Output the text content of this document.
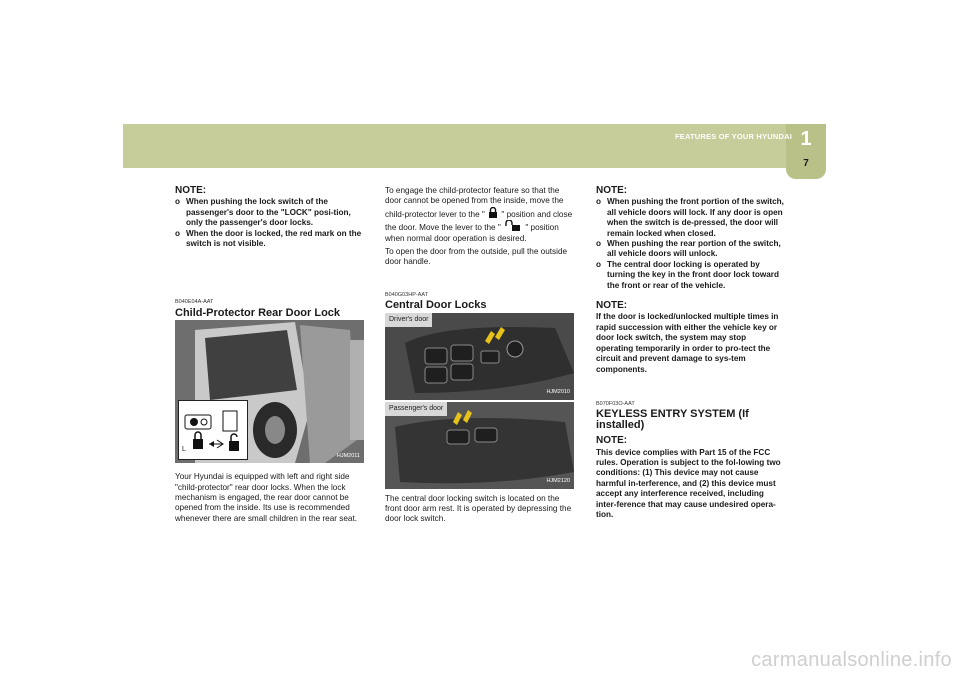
FEATURES OF YOUR HYUNDAI 1
7

NOTE:

o When pushing the lock switch of the passenger's door to the "LOCK" posi-tion, only the passenger's door locks.
o When the door is locked, the red mark on the switch is not visible.

B040E04A-AAT

Child-Protector Rear Door Lock

L
HJM2011

Your Hyundai is equipped with left and right side "child-protector" rear door locks. When the lock mechanism is engaged, the rear door cannot be opened from the inside. Its use is recommended whenever there are small children in the rear seat.

To engage the child-protector feature so that the door cannot be opened from the inside, move the child-protector lever to the " " position and close the door. Move the lever to the "	" position when normal door operation is desired.

To open the door from the outside, pull the outside door handle.

B040G03HP-AAT

Central Door Locks

Driver's door
HJM2010
Passenger's door
HJM2120

The central door locking switch is located on the front door arm rest. It is operated by depressing the door lock switch.

NOTE:

o When pushing the front portion of the switch, all vehicle doors will lock. If any door is open when the switch is de-pressed, the door will remain locked when closed.
o When pushing the rear portion of the switch, all vehicle doors will unlock.
o The central door locking is operated by turning the key in the front door lock toward the front or rear of the vehicle.

NOTE:

If the door is locked/unlocked multiple times in rapid succession with either the vehicle key or door lock switch, the system may stop operating temporarily in order to pro-tect the circuit and prevent damage to sys-tem components.

B070F03O-AAT

KEYLESS ENTRY SYSTEM (If installed)

NOTE:

This device complies with Part 15 of the FCC rules. Operation is subject to the fol-lowing two conditions: (1) This device may not cause harmful in-terference, and (2) this device must accept any interference received, including inter-ference that may cause undesired opera-tion.

carmanualsonline.info
